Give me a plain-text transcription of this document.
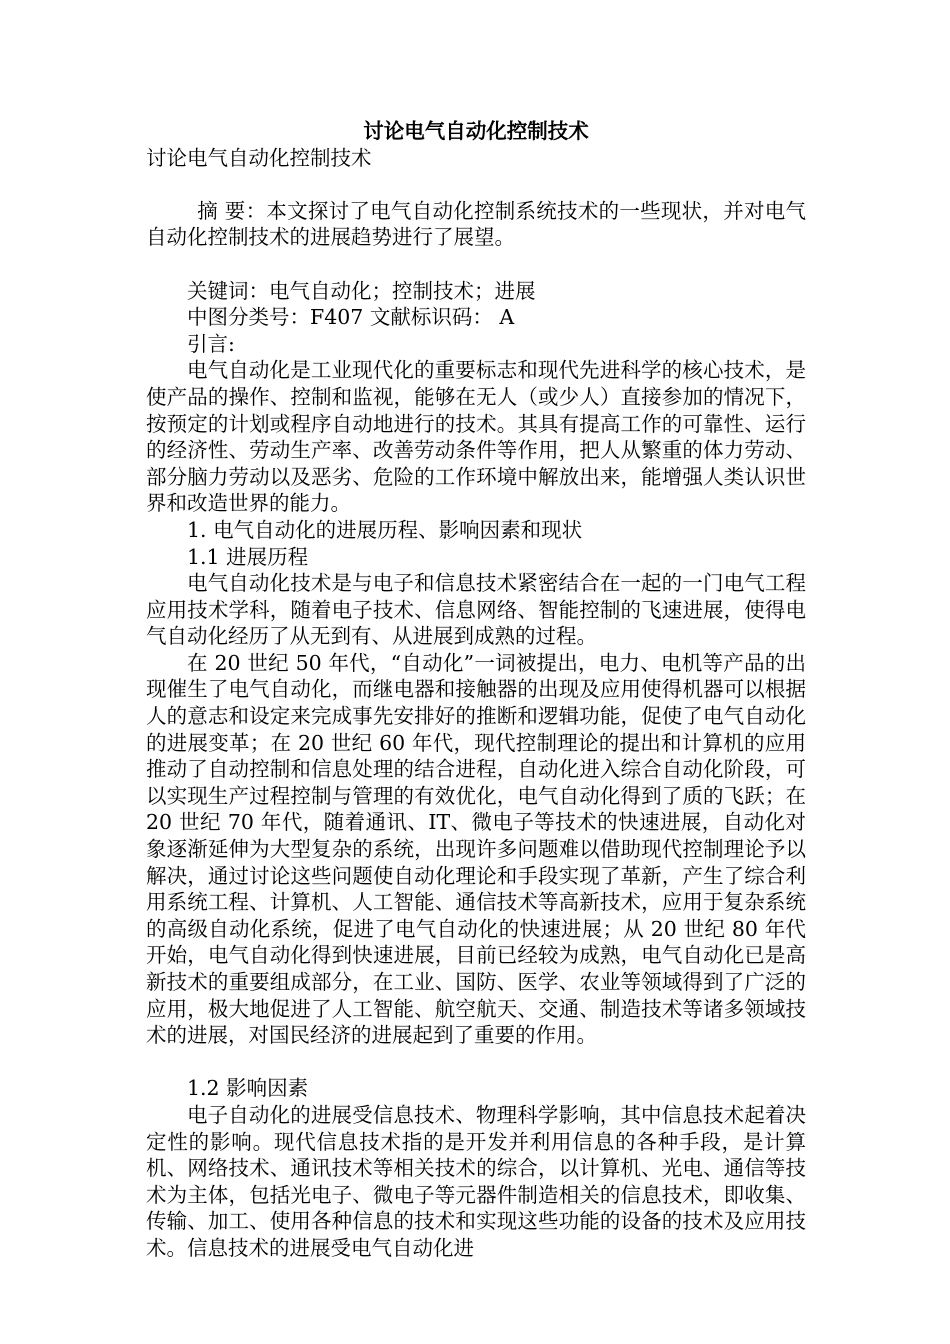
讨论电气自动化控制技术

讨论电气自动化控制技术

摘 要：本文探讨了电气自动化控制系统技术的一些现状，并对电气自动化控制技术的进展趋势进行了展望。

关键词：电气自动化；控制技术；进展

中图分类号：F407 文献标识码： A

引言:

电气自动化是工业现代化的重要标志和现代先进科学的核心技术，是使产品的操作、控制和监视，能够在无人（或少人）直接参加的情况下，按预定的计划或程序自动地进行的技术。其具有提高工作的可靠性、运行的经济性、劳动生产率、改善劳动条件等作用，把人从繁重的体力劳动、部分脑力劳动以及恶劣、危险的工作环境中解放出来，能增强人类认识世界和改造世界的能力。

1. 电气自动化的进展历程、影响因素和现状

1.1 进展历程

电气自动化技术是与电子和信息技术紧密结合在一起的一门电气工程应用技术学科，随着电子技术、信息网络、智能控制的飞速进展，使得电气自动化经历了从无到有、从进展到成熟的过程。

在 20 世纪 50 年代，“自动化”一词被提出，电力、电机等产品的出现催生了电气自动化，而继电器和接触器的出现及应用使得机器可以根据人的意志和设定来完成事先安排好的推断和逻辑功能，促使了电气自动化的进展变革；在 20 世纪 60 年代，现代控制理论的提出和计算机的应用推动了自动控制和信息处理的结合进程，自动化进入综合自动化阶段，可以实现生产过程控制与管理的有效优化，电气自动化得到了质的飞跃；在 20 世纪 70 年代，随着通讯、IT、微电子等技术的快速进展，自动化对象逐渐延伸为大型复杂的系统，出现许多问题难以借助现代控制理论予以解决，通过讨论这些问题使自动化理论和手段实现了革新，产生了综合利用系统工程、计算机、人工智能、通信技术等高新技术，应用于复杂系统的高级自动化系统，促进了电气自动化的快速进展；从 20 世纪 80 年代开始，电气自动化得到快速进展，目前已经较为成熟，电气自动化已是高新技术的重要组成部分，在工业、国防、医学、农业等领域得到了广泛的应用，极大地促进了人工智能、航空航天、交通、制造技术等诸多领域技术的进展，对国民经济的进展起到了重要的作用。

1.2 影响因素

电子自动化的进展受信息技术、物理科学影响，其中信息技术起着决定性的影响。现代信息技术指的是开发并利用信息的各种手段，是计算机、网络技术、通讯技术等相关技术的综合，以计算机、光电、通信等技术为主体，包括光电子、微电子等元器件制造相关的信息技术，即收集、传输、加工、使用各种信息的技术和实现这些功能的设备的技术及应用技术。信息技术的进展受电气自动化进
